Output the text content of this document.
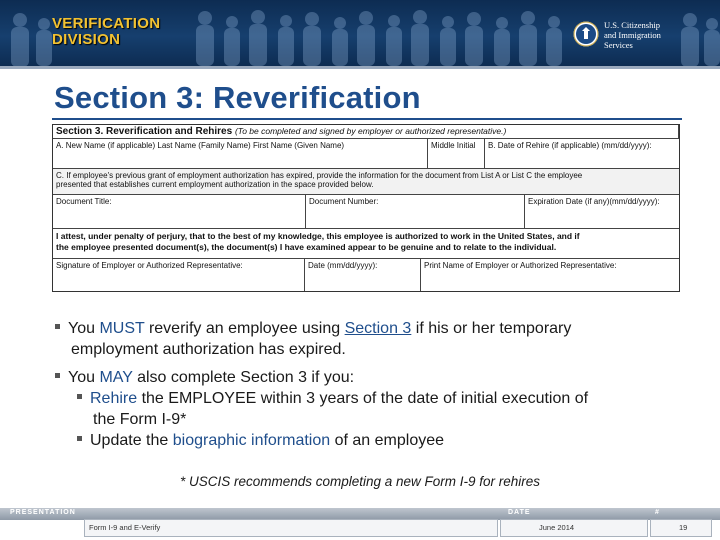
VERIFICATION
DIVISION
U.S. Citizenship
and Immigration
Services
Section 3: Reverification
Section 3. Reverification and Rehires (To be completed and signed by employer or authorized representative.)
A. New Name (if applicable) Last Name (Family Name) First Name (Given Name)	Middle Initial	B. Date of Rehire (if applicable) (mm/dd/yyyy):
C. If employee's previous grant of employment authorization has expired, provide the information for the document from List A or List C the employee
presented that establishes current employment authorization in the space provided below.
Document Title:	Document Number:	Expiration Date (if any)(mm/dd/yyyy):
I attest, under penalty of perjury, that to the best of my knowledge, this employee is authorized to work in the United States, and if
the employee presented document(s), the document(s) I have examined appear to be genuine and to relate to the individual.
Signature of Employer or Authorized Representative:	Date (mm/dd/yyyy):	Print Name of Employer or Authorized Representative:
You MUST reverify an employee using Section 3 if his or her temporary
employment authorization has expired.
You MAY also complete Section 3 if you:
Rehire the EMPLOYEE within 3 years of the date of initial execution of
the Form I-9*
Update the biographic information of an employee
* USCIS recommends completing a new Form I-9 for rehires
PRESENTATION	DATE	#
Form I-9 and E-Verify	June 2014	19
